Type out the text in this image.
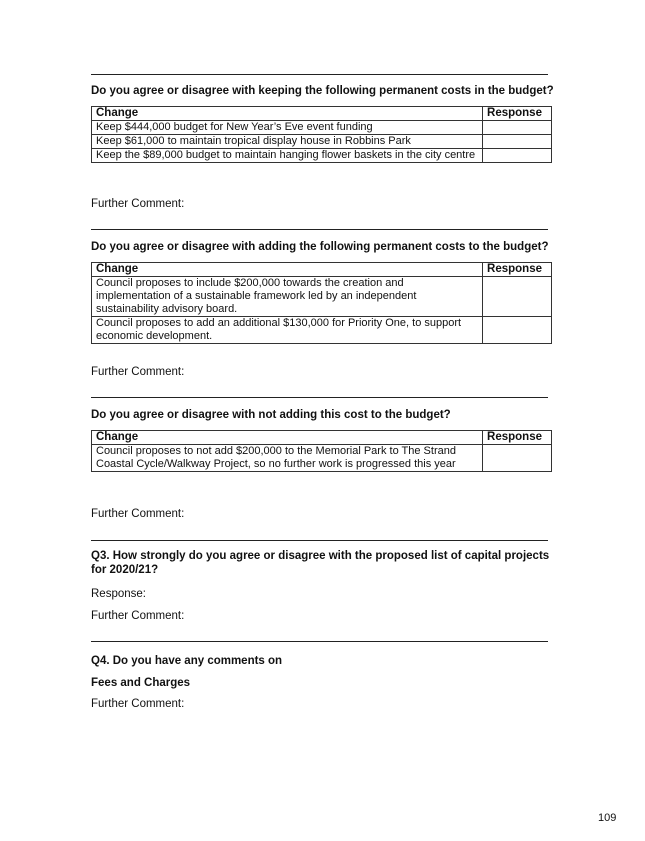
Do you agree or disagree with keeping the following permanent costs in the budget?
Change	Response
Keep $444,000 budget for New Year’s Eve event funding	
Keep $61,000 to maintain tropical display house in Robbins Park	
Keep the $89,000 budget to maintain hanging flower baskets in the city centre	
Further Comment:
Do you agree or disagree with adding the following permanent costs to the budget?
Change	Response
Council proposes to include $200,000 towards the creation and implementation of a sustainable framework led by an independent sustainability advisory board.	
Council proposes to add an additional $130,000 for Priority One, to support economic development.	
Further Comment:
Do you agree or disagree with not adding this cost to the budget?
Change	Response
Council proposes to not add $200,000 to the Memorial Park to The Strand Coastal Cycle/Walkway Project, so no further work is progressed this year	
Further Comment:
Q3. How strongly do you agree or disagree with the proposed list of capital projects for 2020/21?
Response:
Further Comment:
Q4. Do you have any comments on
Fees and Charges
Further Comment:
109
